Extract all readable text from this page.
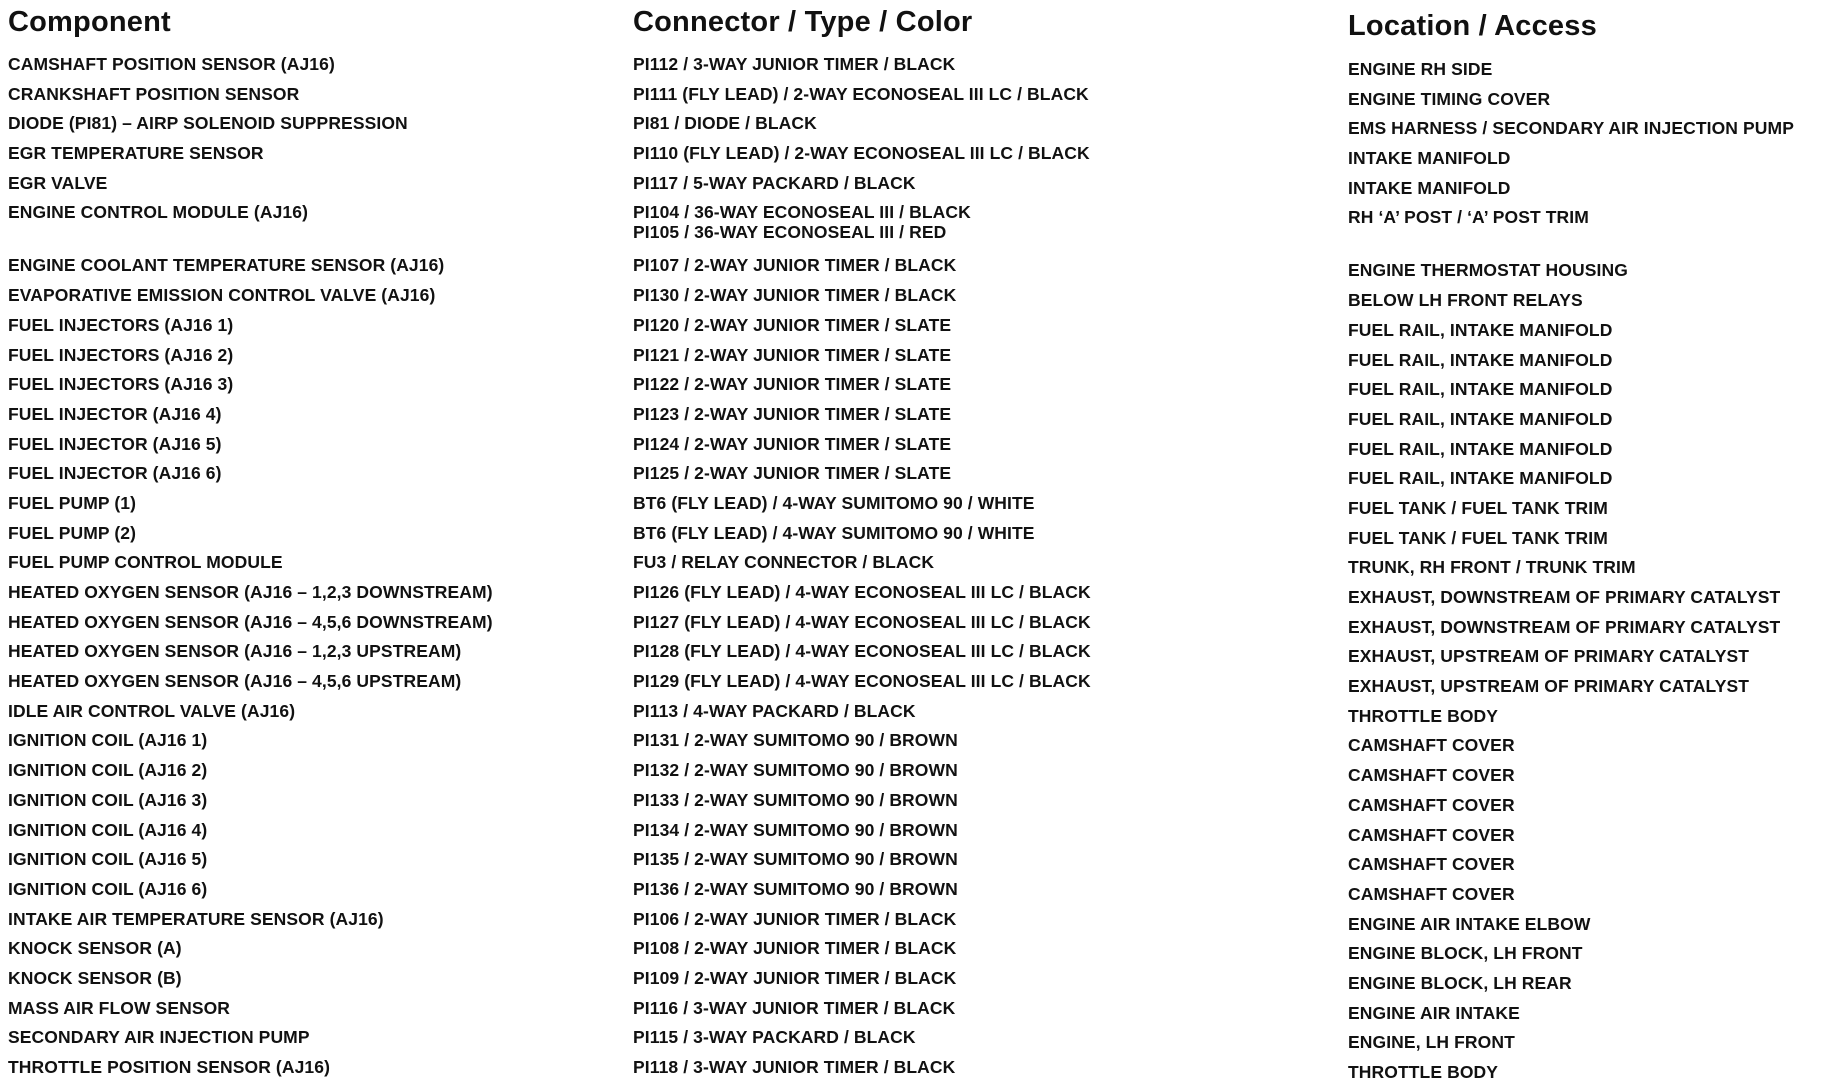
Component
CAMSHAFT POSITION SENSOR (AJ16)
CRANKSHAFT POSITION SENSOR
DIODE (PI81) – AIRP SOLENOID SUPPRESSION
EGR TEMPERATURE SENSOR
EGR VALVE
ENGINE CONTROL MODULE (AJ16)
ENGINE COOLANT TEMPERATURE SENSOR (AJ16)
EVAPORATIVE EMISSION CONTROL VALVE (AJ16)
FUEL INJECTORS (AJ16 1)
FUEL INJECTORS (AJ16 2)
FUEL INJECTORS (AJ16 3)
FUEL INJECTOR (AJ16 4)
FUEL INJECTOR (AJ16 5)
FUEL INJECTOR (AJ16 6)
FUEL PUMP (1)
FUEL PUMP (2)
FUEL PUMP CONTROL MODULE
HEATED OXYGEN SENSOR (AJ16 – 1,2,3 DOWNSTREAM)
HEATED OXYGEN SENSOR (AJ16 – 4,5,6 DOWNSTREAM)
HEATED OXYGEN SENSOR (AJ16 – 1,2,3 UPSTREAM)
HEATED OXYGEN SENSOR (AJ16 – 4,5,6 UPSTREAM)
IDLE AIR CONTROL VALVE (AJ16)
IGNITION COIL (AJ16 1)
IGNITION COIL (AJ16 2)
IGNITION COIL (AJ16 3)
IGNITION COIL (AJ16 4)
IGNITION COIL (AJ16 5)
IGNITION COIL (AJ16 6)
INTAKE AIR TEMPERATURE SENSOR (AJ16)
KNOCK SENSOR (A)
KNOCK SENSOR (B)
MASS AIR FLOW SENSOR
SECONDARY AIR INJECTION PUMP
THROTTLE POSITION SENSOR (AJ16)
Connector / Type / Color
PI112 / 3-WAY JUNIOR TIMER / BLACK
PI111 (FLY LEAD) / 2-WAY ECONOSEAL III LC / BLACK
PI81 / DIODE / BLACK
PI110 (FLY LEAD) / 2-WAY ECONOSEAL III LC / BLACK
PI117 / 5-WAY PACKARD / BLACK
PI104 / 36-WAY ECONOSEAL III / BLACK
PI105 / 36-WAY ECONOSEAL III / RED
PI107 / 2-WAY JUNIOR TIMER / BLACK
PI130 / 2-WAY JUNIOR TIMER / BLACK
PI120 / 2-WAY JUNIOR TIMER / SLATE
PI121 / 2-WAY JUNIOR TIMER / SLATE
PI122 / 2-WAY JUNIOR TIMER / SLATE
PI123 / 2-WAY JUNIOR TIMER / SLATE
PI124 / 2-WAY JUNIOR TIMER / SLATE
PI125 / 2-WAY JUNIOR TIMER / SLATE
BT6 (FLY LEAD) / 4-WAY SUMITOMO 90 / WHITE
BT6 (FLY LEAD) / 4-WAY SUMITOMO 90 / WHITE
FU3 / RELAY CONNECTOR / BLACK
PI126 (FLY LEAD) / 4-WAY ECONOSEAL III LC / BLACK
PI127 (FLY LEAD) / 4-WAY ECONOSEAL III LC / BLACK
PI128 (FLY LEAD) / 4-WAY ECONOSEAL III LC / BLACK
PI129 (FLY LEAD) / 4-WAY ECONOSEAL III LC / BLACK
PI113 / 4-WAY PACKARD / BLACK
PI131 / 2-WAY SUMITOMO 90 / BROWN
PI132 / 2-WAY SUMITOMO 90 / BROWN
PI133 / 2-WAY SUMITOMO 90 / BROWN
PI134 / 2-WAY SUMITOMO 90 / BROWN
PI135 / 2-WAY SUMITOMO 90 / BROWN
PI136 / 2-WAY SUMITOMO 90 / BROWN
PI106 / 2-WAY JUNIOR TIMER / BLACK
PI108 / 2-WAY JUNIOR TIMER / BLACK
PI109 / 2-WAY JUNIOR TIMER / BLACK
PI116 / 3-WAY JUNIOR TIMER / BLACK
PI115 / 3-WAY PACKARD / BLACK
PI118 / 3-WAY JUNIOR TIMER / BLACK
Location / Access
ENGINE RH SIDE
ENGINE TIMING COVER
EMS HARNESS / SECONDARY AIR INJECTION PUMP
INTAKE MANIFOLD
INTAKE MANIFOLD
RH ‘A’ POST / ‘A’ POST TRIM
ENGINE THERMOSTAT HOUSING
BELOW LH FRONT RELAYS
FUEL RAIL, INTAKE MANIFOLD
FUEL RAIL, INTAKE MANIFOLD
FUEL RAIL, INTAKE MANIFOLD
FUEL RAIL, INTAKE MANIFOLD
FUEL RAIL, INTAKE MANIFOLD
FUEL RAIL, INTAKE MANIFOLD
FUEL TANK / FUEL TANK TRIM
FUEL TANK / FUEL TANK TRIM
TRUNK, RH FRONT / TRUNK TRIM
EXHAUST, DOWNSTREAM OF PRIMARY CATALYST
EXHAUST, DOWNSTREAM OF PRIMARY CATALYST
EXHAUST, UPSTREAM OF PRIMARY CATALYST
EXHAUST, UPSTREAM OF PRIMARY CATALYST
THROTTLE BODY
CAMSHAFT COVER
CAMSHAFT COVER
CAMSHAFT COVER
CAMSHAFT COVER
CAMSHAFT COVER
CAMSHAFT COVER
ENGINE AIR INTAKE ELBOW
ENGINE BLOCK, LH FRONT
ENGINE BLOCK, LH REAR
ENGINE AIR INTAKE
ENGINE, LH FRONT
THROTTLE BODY
